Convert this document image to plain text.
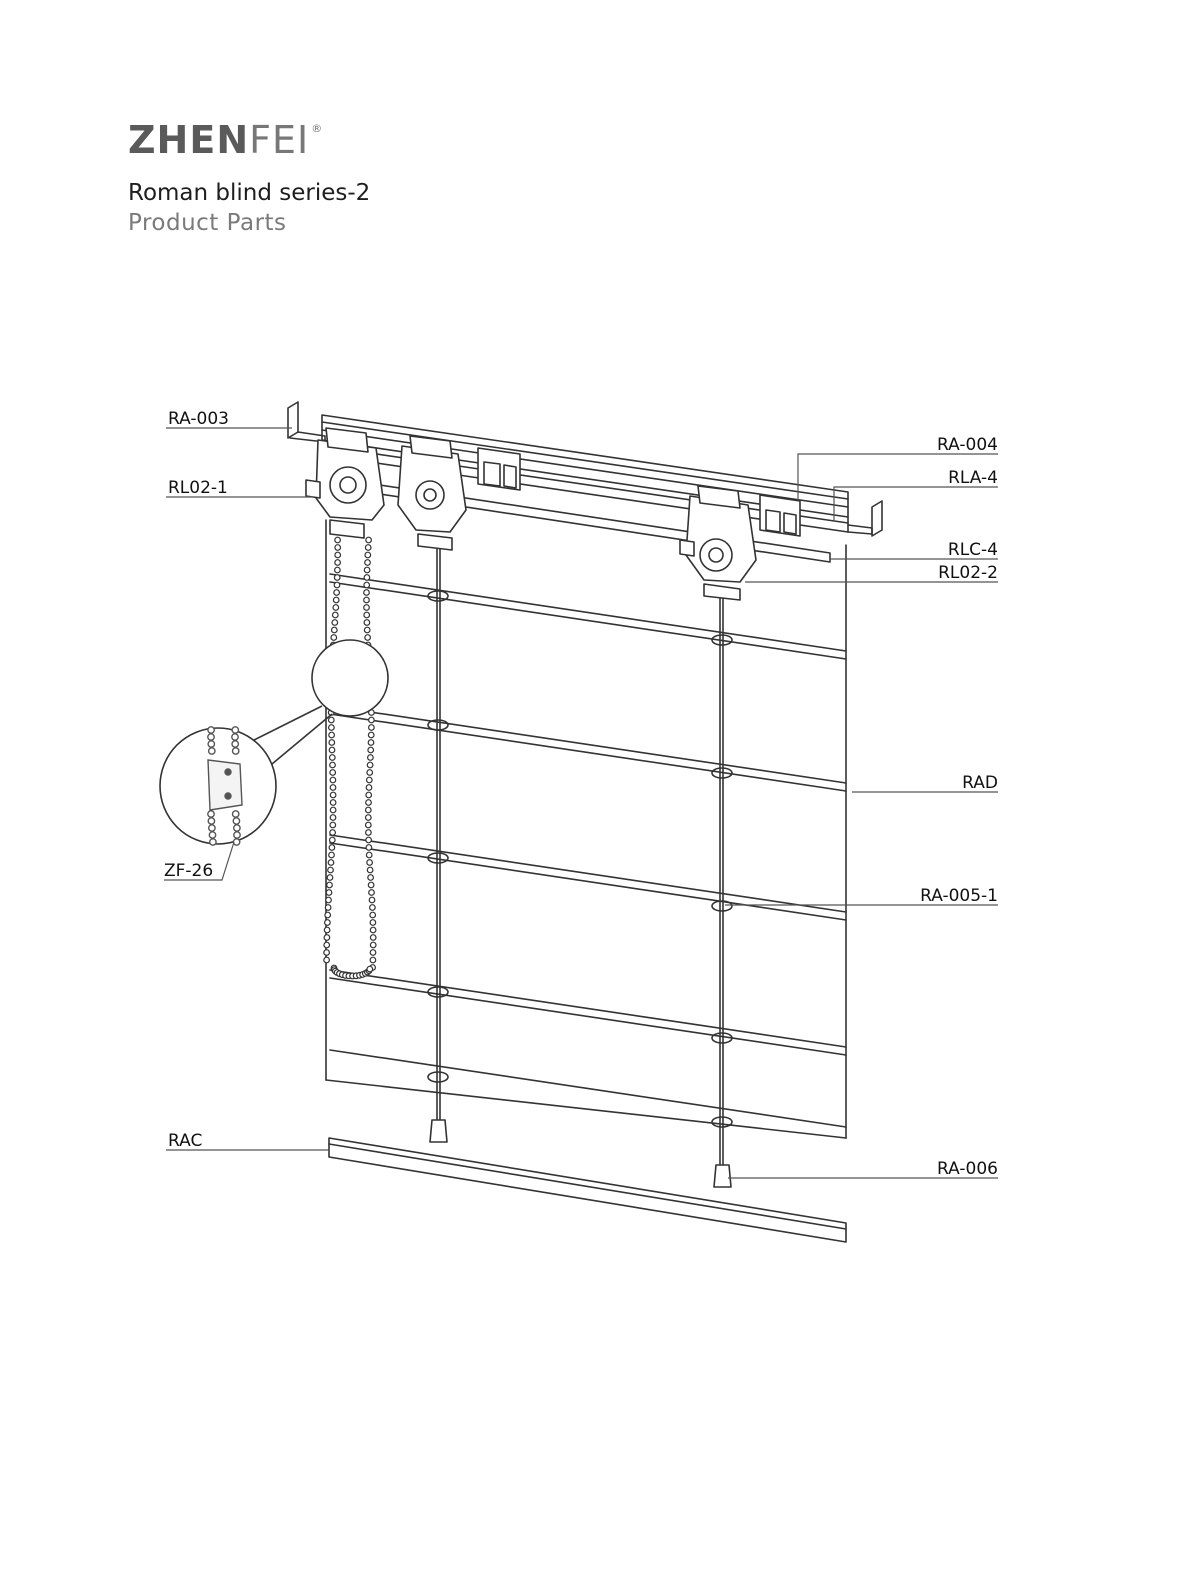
ZHENFEI ®
Roman blind series-2
Product Parts
RA-003
RL02-1
ZF-26
RAC
RA-004
RLA-4
RLC-4
RL02-2
RAD
RA-005-1
RA-006
